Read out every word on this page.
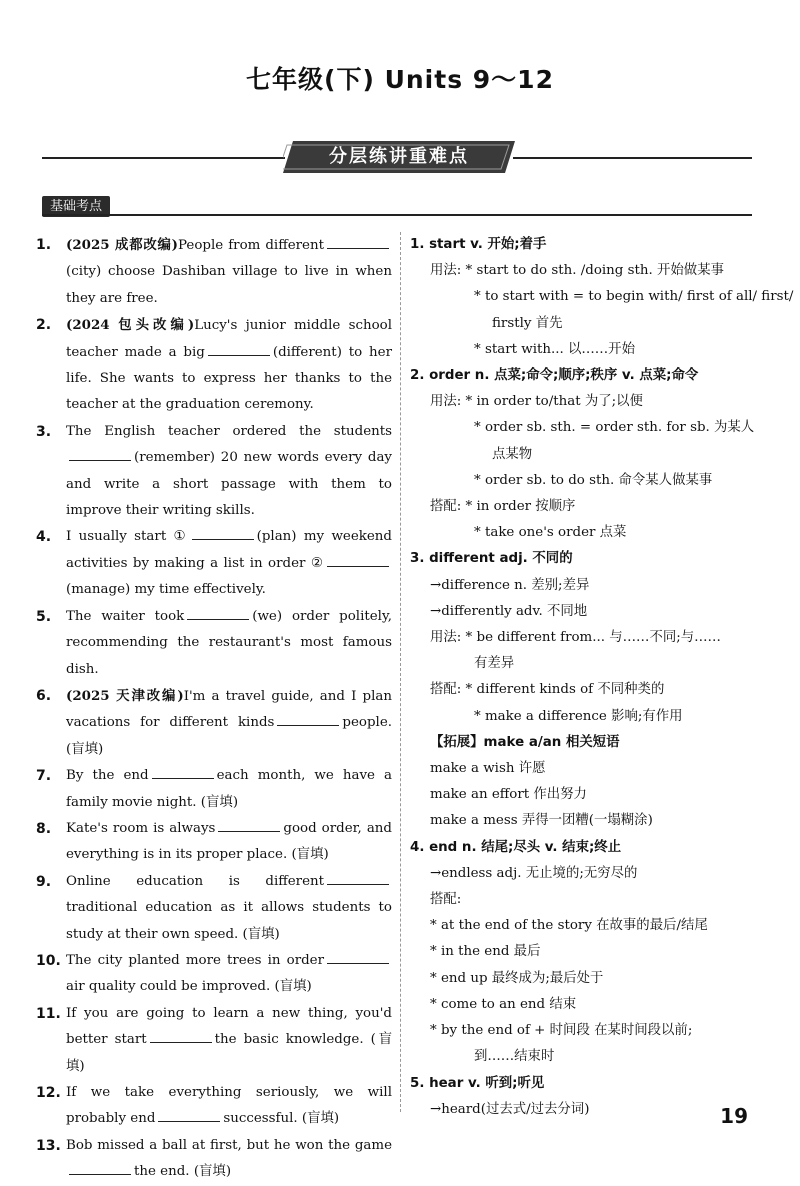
七年级(下) Units 9～12
分层练讲重难点
基础考点
1. (2025 成都改编)People from different(city) choose Dashiban village to live in when they are free.
2. (2024 包头改编)Lucy's junior middle school teacher made a big	(different) to her life. She wants to express her thanks to the teacher at the graduation ceremony.
3. The English teacher ordered the students(remember) 20 new words every day and write a short passage with them to improve their writing skills.
4. I usually start ①	(plan) my weekend activities by making a list in order ②(manage) my time effectively.
5. The waiter took	(we) order politely, recommending the restaurant's most famous dish.
6. (2025 天津改编)I'm a travel guide, and I plan vacations for different kinds	people. (盲填)
7. By the end	each month, we have a family movie night. (盲填)
8. Kate's room is always	good order, and everything is in its proper place. (盲填)
9. Online education is differenttraditional education as it allows students to study at their own speed. (盲填)
10. The city planted more trees in orderair quality could be improved. (盲填)
11. If you are going to learn a new thing, you'd better start	the basic knowledge. (盲填)
12. If we take everything seriously, we will probably end	successful. (盲填)
13. Bob missed a ball at first, but he won the gamethe end. (盲填)
1. start v. 开始;着手
用法: * start to do sth. /doing sth. 开始做某事
* to start with = to begin with/ first of all/ first/
firstly 首先
* start with... 以……开始
2. order n. 点菜;命令;顺序;秩序 v. 点菜;命令
用法: * in order to/that 为了;以便
* order sb. sth. = order sth. for sb. 为某人
点某物
* order sb. to do sth. 命令某人做某事
搭配: * in order 按顺序
* take one's order 点菜
3. different adj. 不同的
→difference n. 差别;差异
→differently adv. 不同地
用法: * be different from... 与……不同;与……
有差异
搭配: * different kinds of 不同种类的
* make a difference 影响;有作用
【拓展】make a/an 相关短语
make a wish 许愿
make an effort 作出努力
make a mess 弄得一团糟(一塌糊涂)
4. end n. 结尾;尽头 v. 结束;终止
→endless adj. 无止境的;无穷尽的
搭配:
* at the end of the story 在故事的最后/结尾
* in the end 最后
* end up 最终成为;最后处于
* come to an end 结束
* by the end of + 时间段 在某时间段以前;
到……结束时
5. hear v. 听到;听见
→heard(过去式/过去分词)	19
